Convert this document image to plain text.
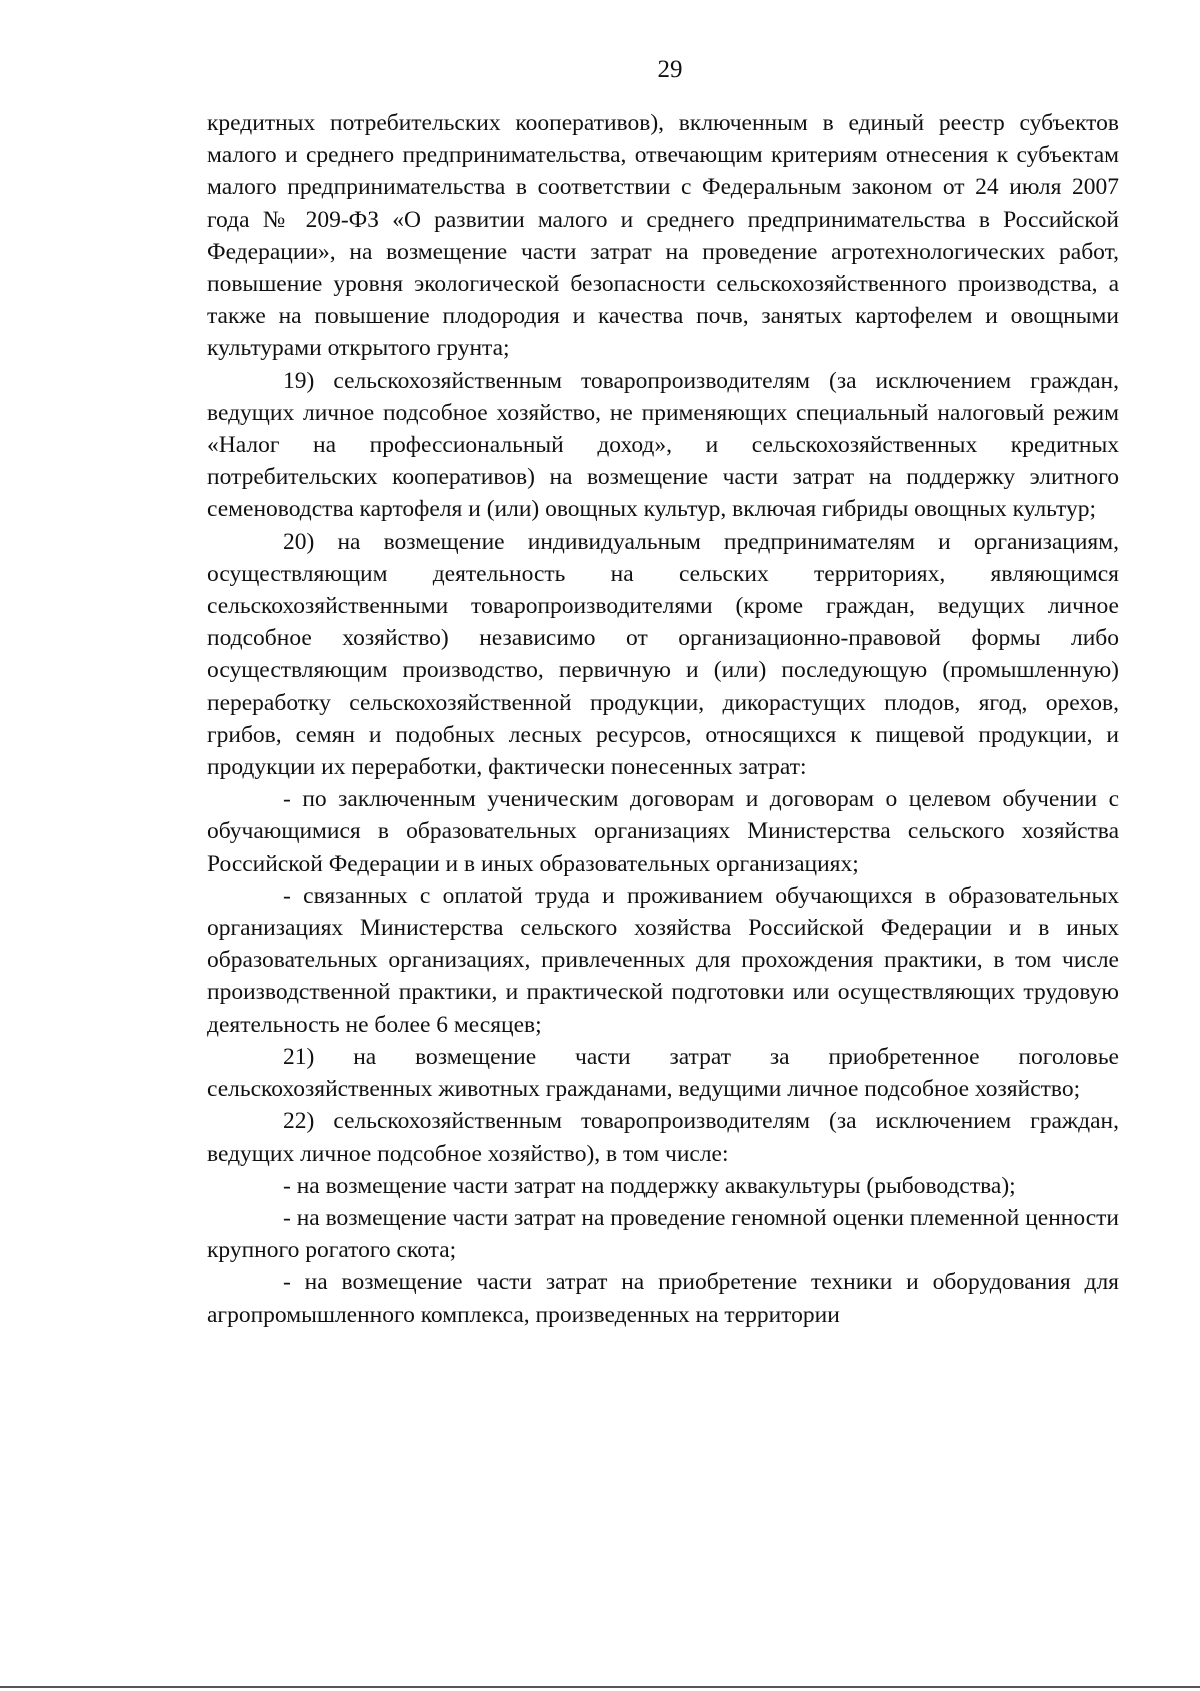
29

кредитных потребительских кооперативов), включенным в единый реестр субъектов малого и среднего предпринимательства, отвечающим критериям отнесения к субъектам малого предпринимательства в соответствии с Федеральным законом от 24 июля 2007 года № 209-ФЗ «О развитии малого и среднего предпринимательства в Российской Федерации», на возмещение части затрат на проведение агротехнологических работ, повышение уровня экологической безопасности сельскохозяйственного производства, а также на повышение плодородия и качества почв, занятых картофелем и овощными культурами открытого грунта;

19) сельскохозяйственным товаропроизводителям (за исключением граждан, ведущих личное подсобное хозяйство, не применяющих специальный налоговый режим «Налог на профессиональный доход», и сельскохозяйственных кредитных потребительских кооперативов) на возмещение части затрат на поддержку элитного семеноводства картофеля и (или) овощных культур, включая гибриды овощных культур;

20) на возмещение индивидуальным предпринимателям и организациям, осуществляющим деятельность на сельских территориях, являющимся сельскохозяйственными товаропроизводителями (кроме граждан, ведущих личное подсобное хозяйство) независимо от организационно-правовой формы либо осуществляющим производство, первичную и (или) последующую (промышленную) переработку сельскохозяйственной продукции, дикорастущих плодов, ягод, орехов, грибов, семян и подобных лесных ресурсов, относящихся к пищевой продукции, и продукции их переработки, фактически понесенных затрат:

- по заключенным ученическим договорам и договорам о целевом обучении с обучающимися в образовательных организациях Министерства сельского хозяйства Российской Федерации и в иных образовательных организациях;

- связанных с оплатой труда и проживанием обучающихся в образовательных организациях Министерства сельского хозяйства Российской Федерации и в иных образовательных организациях, привлеченных для прохождения практики, в том числе производственной практики, и практической подготовки или осуществляющих трудовую деятельность не более 6 месяцев;

21) на возмещение части затрат за приобретенное поголовье сельскохозяйственных животных гражданами, ведущими личное подсобное хозяйство;

22) сельскохозяйственным товаропроизводителям (за исключением граждан, ведущих личное подсобное хозяйство), в том числе:

- на возмещение части затрат на поддержку аквакультуры (рыбоводства);

- на возмещение части затрат на проведение геномной оценки племенной ценности крупного рогатого скота;

- на возмещение части затрат на приобретение техники и оборудования для агропромышленного комплекса, произведенных на территории
